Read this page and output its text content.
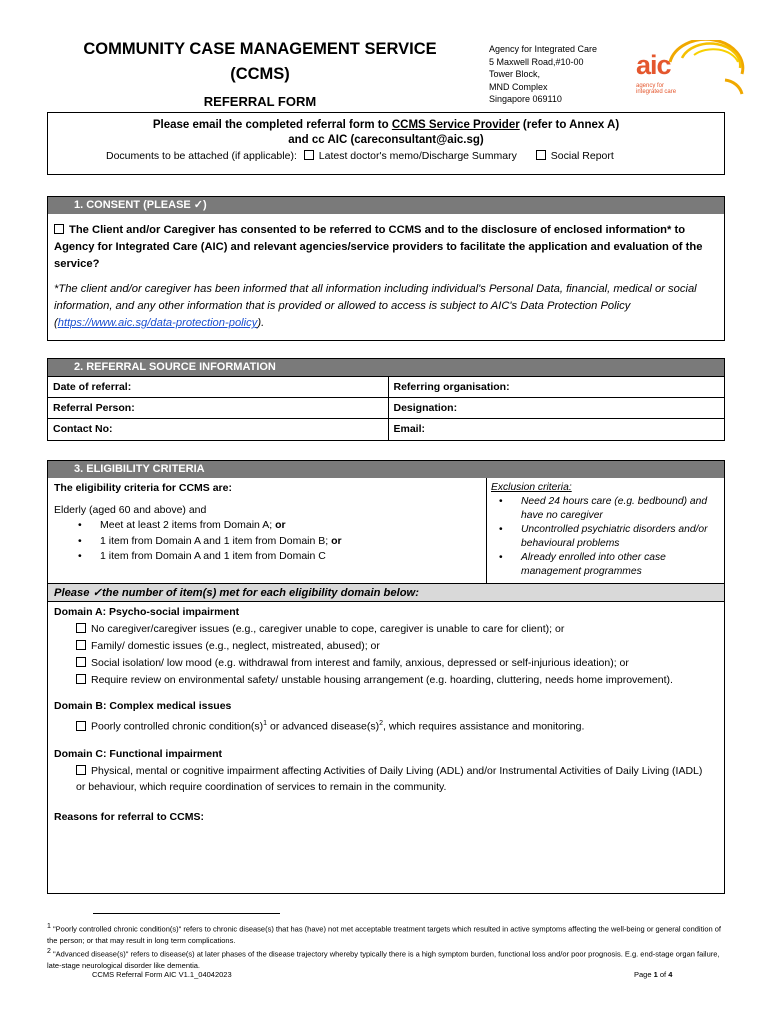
COMMUNITY CASE MANAGEMENT SERVICE
(CCMS)
REFERRAL FORM
Agency for Integrated Care
5 Maxwell Road,#10-00
Tower Block,
MND Complex
Singapore 069110
aic
agency for
integrated care
Please email the completed referral form to CCMS Service Provider (refer to Annex A)
and cc AIC (careconsultant@aic.sg)
Documents to be attached (if applicable): Latest doctor's memo/Discharge Summary	Social Report
1. CONSENT (PLEASE ✓)
The Client and/or Caregiver has consented to be referred to CCMS and to the disclosure of enclosed information* to Agency for Integrated Care (AIC) and relevant agencies/service providers to facilitate the application and evaluation of the service?
*The client and/or caregiver has been informed that all information including individual's Personal Data, financial, medical or social information, and any other information that is provided or allowed to access is subject to AIC's Data Protection Policy (https://www.aic.sg/data-protection-policy).
2. REFERRAL SOURCE INFORMATION
Date of referral:	Referring organisation:
Referral Person:	Designation:
Contact No:	Email:
3. ELIGIBILITY CRITERIA
The eligibility criteria for CCMS are:
Elderly (aged 60 and above) and
• Meet at least 2 items from Domain A; or
• 1 item from Domain A and 1 item from Domain B; or
• 1 item from Domain A and 1 item from Domain C
Exclusion criteria:
• Need 24 hours care (e.g. bedbound) and have no caregiver
• Uncontrolled psychiatric disorders and/or behavioural problems
• Already enrolled into other case management programmes
Please ✓the number of item(s) met for each eligibility domain below:
Domain A: Psycho-social impairment
No caregiver/caregiver issues (e.g., caregiver unable to cope, caregiver is unable to care for client); or
Family/ domestic issues (e.g., neglect, mistreated, abused); or
Social isolation/ low mood (e.g. withdrawal from interest and family, anxious, depressed or self-injurious ideation); or
Require review on environmental safety/ unstable housing arrangement (e.g. hoarding, cluttering, needs home improvement).
Domain B: Complex medical issues
Poorly controlled chronic $condition(s)^1$ or advanced $disease(s)^2$, which requires assistance and monitoring.
Domain C: Functional impairment
Physical, mental or cognitive impairment affecting Activities of Daily Living (ADL) and/or Instrumental Activities of Daily Living (IADL) or behaviour, which require coordination of services to remain in the community.
Reasons for referral to CCMS:
$^1$ "Poorly controlled chronic condition(s)" refers to chronic disease(s) that has (have) not met acceptable treatment targets which resulted in active symptoms affecting the well-being or general condition of the person; or that may result in long term complications.
$^2$ "Advanced disease(s)" refers to disease(s) at later phases of the disease trajectory whereby typically there is a high symptom burden, functional loss and/or poor prognosis. E.g. end-stage organ failure, late-stage neurological disorder like dementia.
CCMS Referral Form AIC V1.1_04042023	Page 1 of 4
